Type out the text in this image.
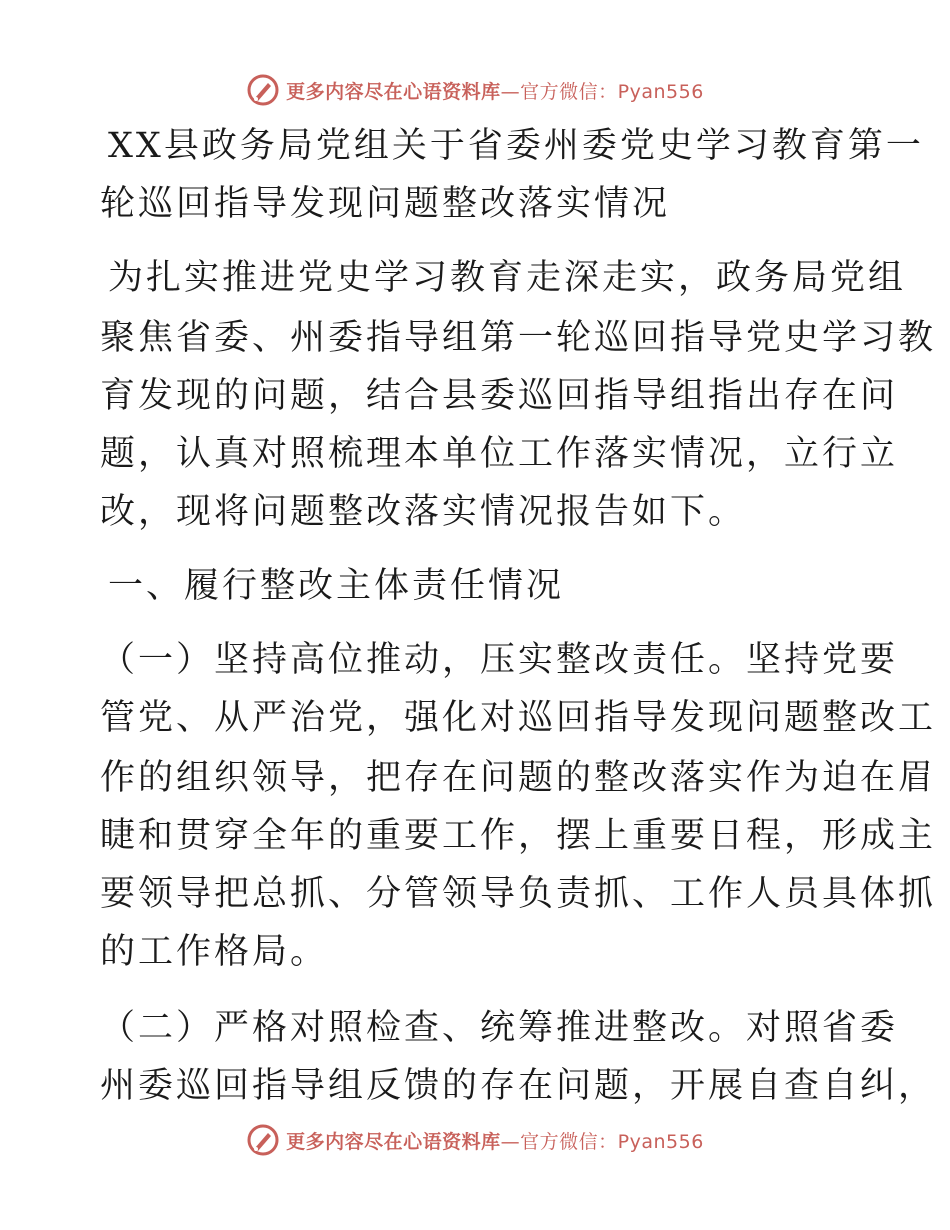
更多内容尽在心语资料库—官方微信：Pyan556
XX县政务局党组关于省委州委党史学习教育第一
轮巡回指导发现问题整改落实情况
为扎实推进党史学习教育走深走实，政务局党组
聚焦省委、州委指导组第一轮巡回指导党史学习教
育发现的问题，结合县委巡回指导组指出存在问
题，认真对照梳理本单位工作落实情况，立行立
改，现将问题整改落实情况报告如下。
一、履行整改主体责任情况
（一）坚持高位推动，压实整改责任。坚持党要
管党、从严治党，强化对巡回指导发现问题整改工
作的组织领导，把存在问题的整改落实作为迫在眉
睫和贯穿全年的重要工作，摆上重要日程，形成主
要领导把总抓、分管领导负责抓、工作人员具体抓
的工作格局。
（二）严格对照检查、统筹推进整改。对照省委
州委巡回指导组反馈的存在问题，开展自查自纠，
更多内容尽在心语资料库—官方微信：Pyan556
